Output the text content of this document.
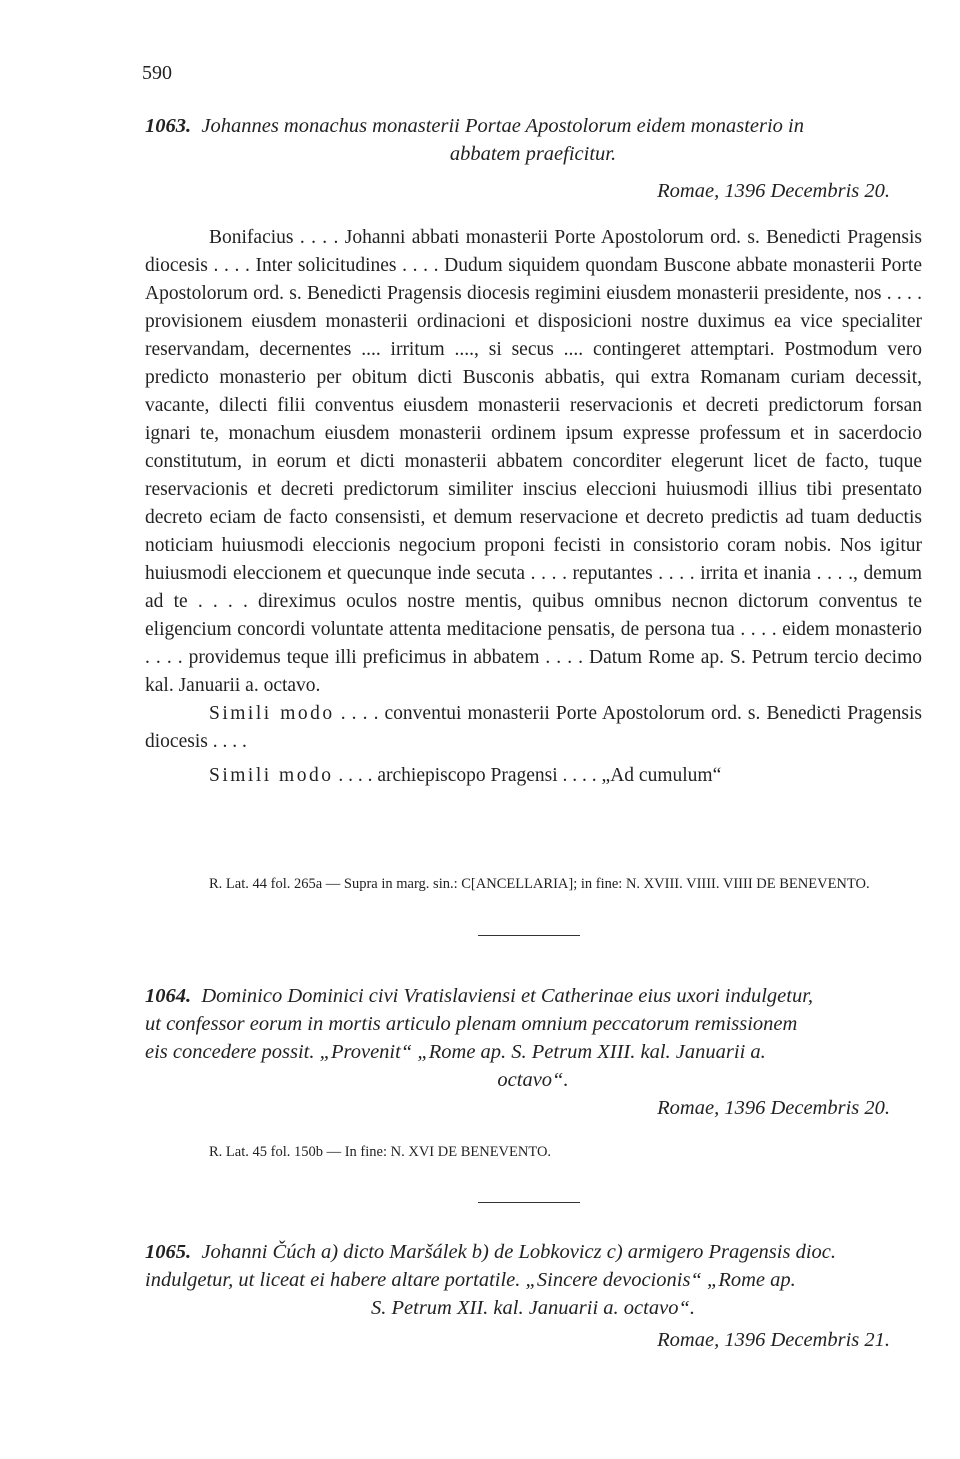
590
1063. Johannes monachus monasterii Portae Apostolorum eidem monasterio in
abbatem praeficitur.
Romae, 1396 Decembris 20.

Bonifacius . . . . Johanni abbati monasterii Porte Apostolorum ord. s. Benedicti Pragensis diocesis . . . . Inter solicitudines . . . . Dudum siquidem quondam Buscone abbate monasterii Porte Apostolorum ord. s. Benedicti Pragensis diocesis regimini eiusdem monasterii presidente, nos . . . . provisionem eiusdem monasterii ordinacioni et disposicioni nostre duximus ea vice specialiter reservandam, decernentes .... irritum ...., si secus .... contingeret attemptari. Postmodum vero predicto monasterio per obitum dicti Busconis abbatis, qui extra Romanam curiam decessit, vacante, dilecti filii conventus eiusdem monasterii reservacionis et decreti predictorum forsan ignari te, monachum eiusdem monasterii ordinem ipsum expresse professum et in sacerdocio constitutum, in eorum et dicti monasterii abbatem concorditer elegerunt licet de facto, tuque reservacionis et decreti predictorum similiter inscius eleccioni huiusmodi illius tibi presentato decreto eciam de facto consensisti, et demum reservacione et decreto predictis ad tuam deductis noticiam huiusmodi eleccionis negocium proponi fecisti in consistorio coram nobis. Nos igitur huiusmodi eleccionem et quecunque inde secuta . . . . reputantes . . . . irrita et inania . . . ., demum ad te . . . . direximus oculos nostre mentis, quibus omnibus necnon dictorum conventus te eligencium concordi voluntate attenta meditacione pensatis, de persona tua . . . . eidem monasterio . . . . providemus teque illi preficimus in abbatem . . . . Datum Rome ap. S. Petrum tercio decimo kal. Januarii a. octavo.

Simili modo . . . . conventui monasterii Porte Apostolorum ord. s. Benedicti Pragensis diocesis . . . .

Simili modo . . . . archiepiscopo Pragensi . . . . „Ad cumulum“

R. Lat. 44 fol. 265a — Supra in marg. sin.: C[ANCELLARIA]; in fine: N. XVIII. VIIII. VIIII DE BENEVENTO.

1064. Dominico Dominici civi Vratislaviensi et Catherinae eius uxori indulgetur,
ut confessor eorum in mortis articulo plenam omnium peccatorum remissionem
eis concedere possit. „Provenit“ „Rome ap. S. Petrum XIII. kal. Januarii a.
octavo“.
Romae, 1396 Decembris 20.

R. Lat. 45 fol. 150b — In fine: N. XVI DE BENEVENTO.

1065. Johanni Čúch a) dicto Maršálek b) de Lobkovicz c) armigero Pragensis dioc.
indulgetur, ut liceat ei habere altare portatile. „Sincere devocionis“ „Rome ap.
S. Petrum XII. kal. Januarii a. octavo“.
Romae, 1396 Decembris 21.
